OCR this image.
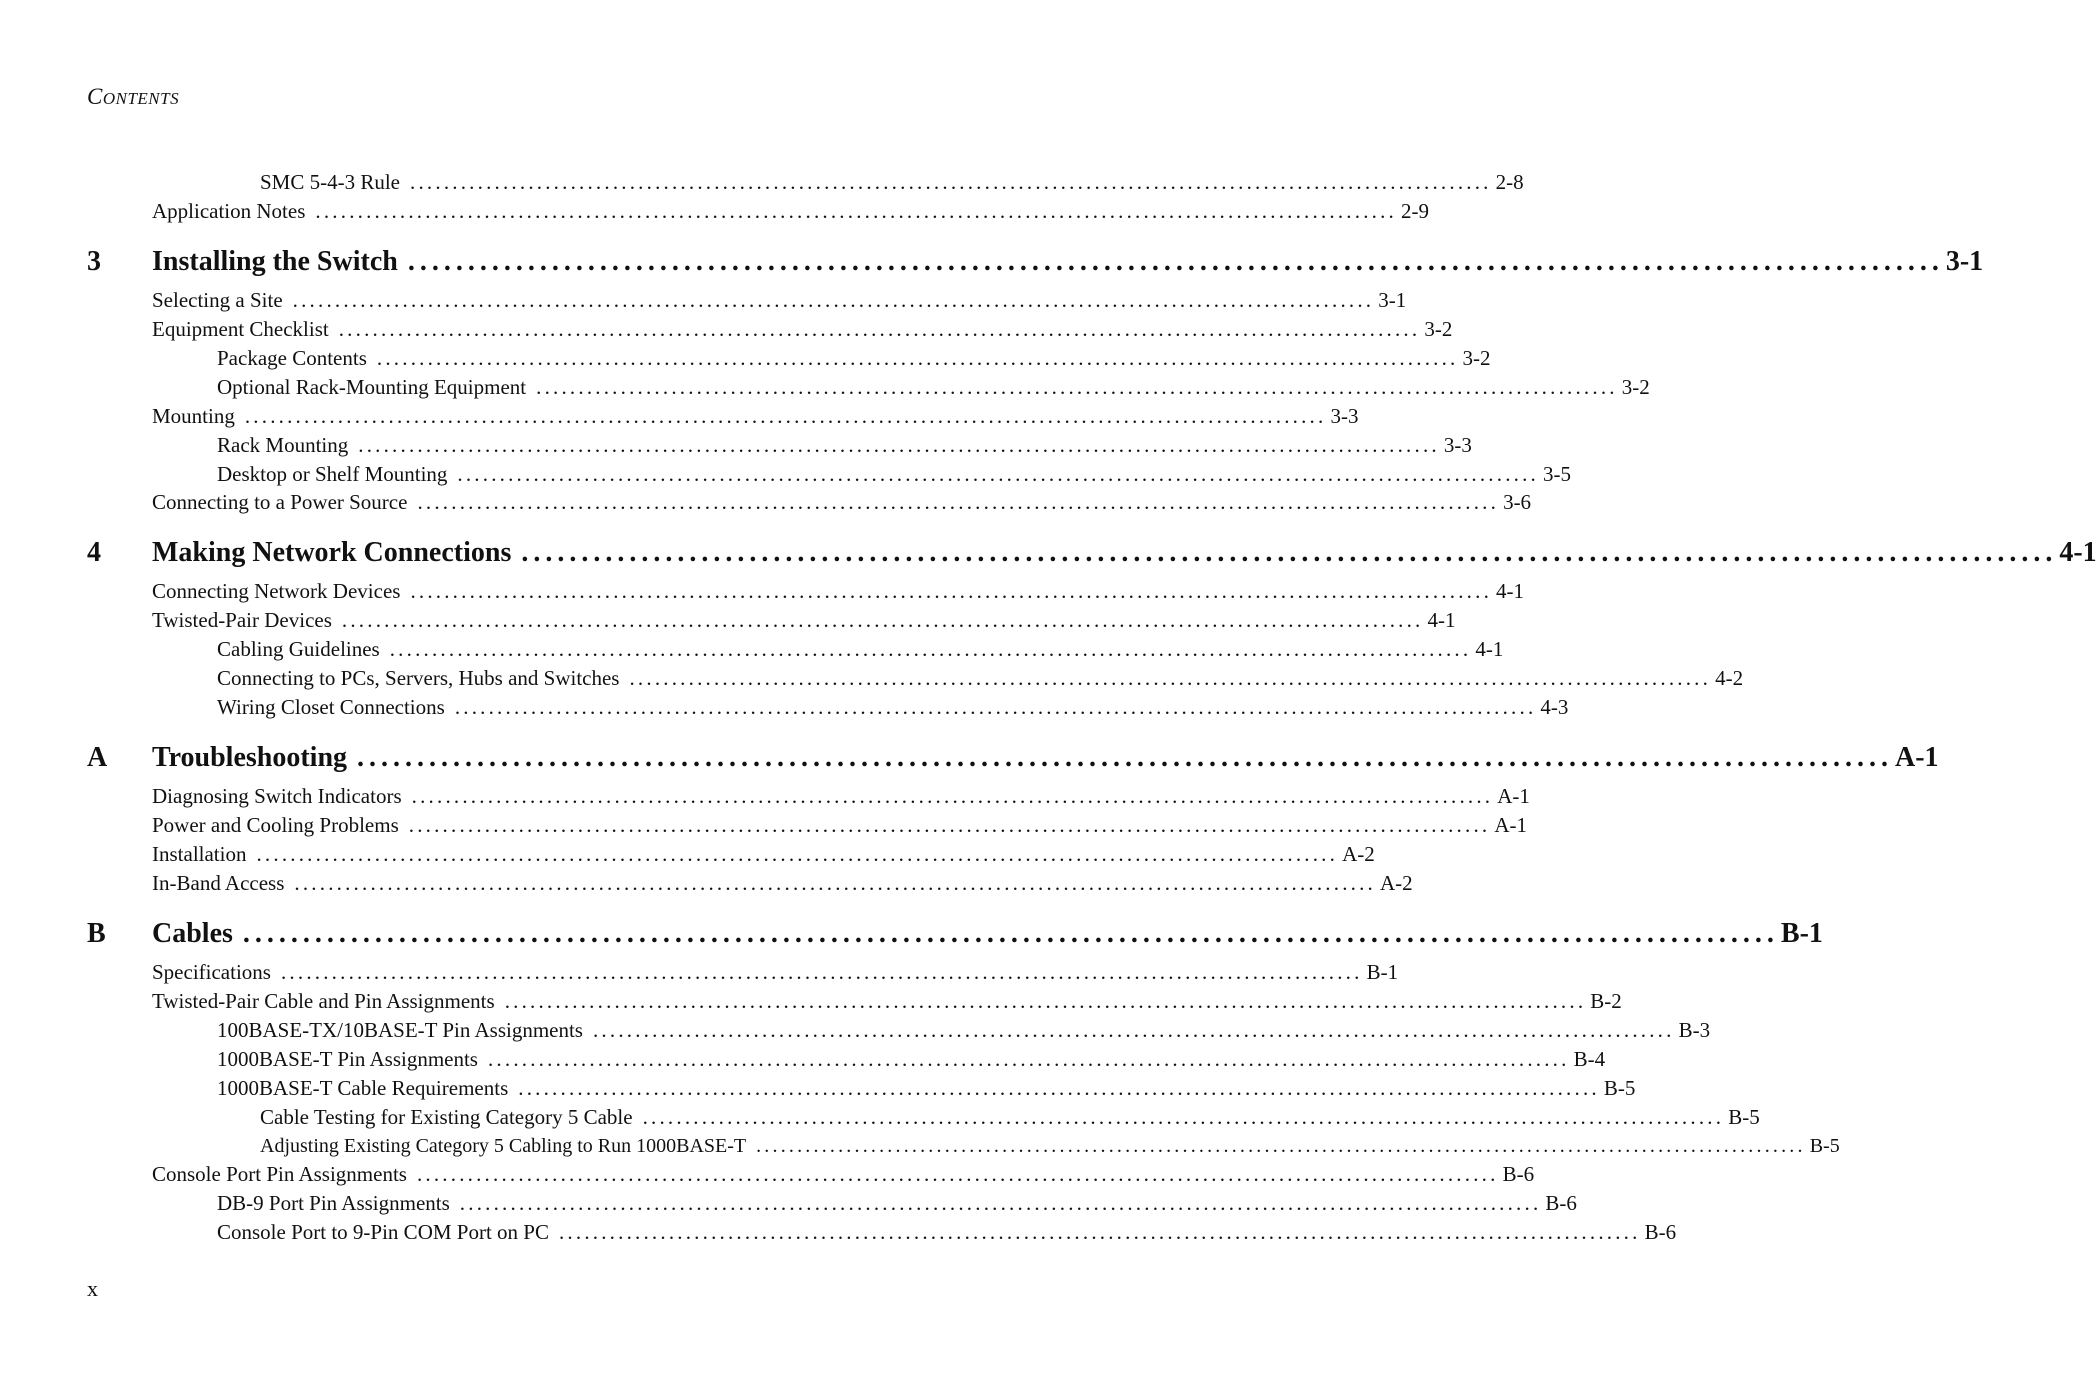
CONTENTS
SMC 5-4-3 Rule ................................................................................................................................ 2-8
Application Notes ................................................................................................................................ 2-9
3	Installing the Switch ................................................................................................................................ 3-1
Selecting a Site ................................................................................................................................ 3-1
Equipment Checklist ................................................................................................................................ 3-2
Package Contents ................................................................................................................................ 3-2
Optional Rack-Mounting Equipment ................................................................................................................................ 3-2
Mounting ................................................................................................................................ 3-3
Rack Mounting ................................................................................................................................ 3-3
Desktop or Shelf Mounting ................................................................................................................................ 3-5
Connecting to a Power Source ................................................................................................................................ 3-6
4	Making Network Connections ................................................................................................................................ 4-1
Connecting Network Devices ................................................................................................................................ 4-1
Twisted-Pair Devices ................................................................................................................................ 4-1
Cabling Guidelines ................................................................................................................................ 4-1
Connecting to PCs, Servers, Hubs and Switches ................................................................................................................................ 4-2
Wiring Closet Connections ................................................................................................................................ 4-3
A	Troubleshooting ................................................................................................................................ A-1
Diagnosing Switch Indicators ................................................................................................................................ A-1
Power and Cooling Problems ................................................................................................................................ A-1
Installation ................................................................................................................................ A-2
In-Band Access ................................................................................................................................ A-2
B	Cables ................................................................................................................................ B-1
Specifications ................................................................................................................................ B-1
Twisted-Pair Cable and Pin Assignments ................................................................................................................................ B-2
100BASE-TX/10BASE-T Pin Assignments ................................................................................................................................ B-3
1000BASE-T Pin Assignments ................................................................................................................................ B-4
1000BASE-T Cable Requirements ................................................................................................................................ B-5
Cable Testing for Existing Category 5 Cable ................................................................................................................................ B-5
Adjusting Existing Category 5 Cabling to Run 1000BASE-T ................................................................................................................................ B-5
Console Port Pin Assignments ................................................................................................................................ B-6
DB-9 Port Pin Assignments ................................................................................................................................ B-6
Console Port to 9-Pin COM Port on PC ................................................................................................................................ B-6
x
